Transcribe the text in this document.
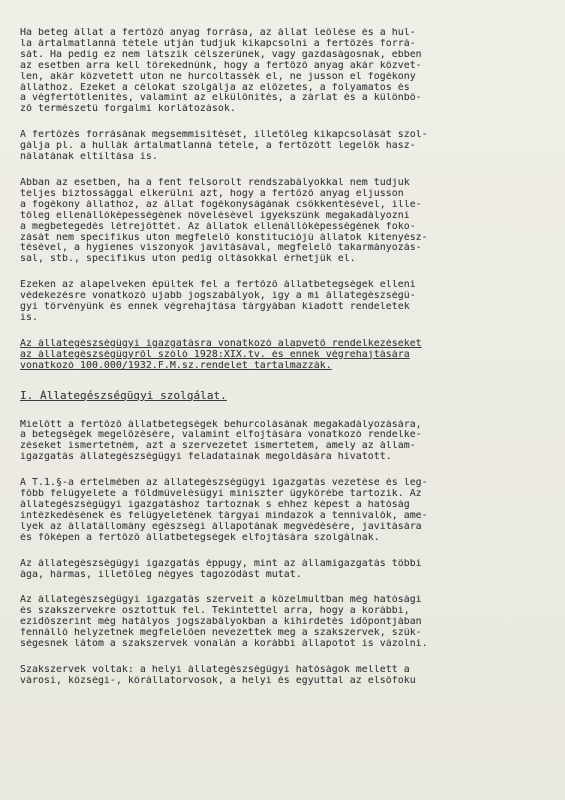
Ha beteg állat a fertőző anyag forrása, az állat leölése és a hul-
la ártalmatlanná tétele utján tudjuk kikapcsolni a fertőzés forrá-
sát. Ha pedig ez nem látszik célszerünek, vagy gazdaságosnak, ebben
az esetben arra kell törekednünk, hogy a fertőző anyag akár közvet-
len, akár közvetett uton ne hurcoltassék el, ne jusson el fogékony
állathoz. Ezeket a célokat szolgálja az előzetes, a folyamatos és
a végfertőtlenités, valamint az elkülönités, a zárlat és a különbö-
ző természetü forgalmi korlátozások.
A fertőzés forrásának megsemmisitését, illetőleg kikapcsolását szol-
gálja pl. a hullák ártalmatlanná tétele, a fertőzött legelők hasz-
nálatának eltiltása is.
Abban az esetben, ha a fent felsorolt rendszabályokkal nem tudjuk
teljes biztossággal elkerülni azt, hogy a fertőző anyag eljusson
a fogékony állathoz, az állat fogékonyságának csökkentésével, ille-
tőleg ellenállóképességének növelésével igyekszünk megakadályozni
a megbetegedés létrejöttét. Az állatok ellenállóképességének foko-
zását nem specifikus uton megfelelő konstituciójú állatok kitenyész-
tésével, a hygienes viszonyok javitásával, megfelelő takarmányozás-
sal, stb., specifikus uton pedig oltásokkal érhetjük el.
Ezeken az alapelveken épültek fel a fertőző állatbetegségek elleni
védekezésre vonatkozó ujabb jogszabályok, igy a mi állategészségü-
gyi törvényünk és ennek végrehajtása tárgyában kiadott rendeletek
is.
Az állategészségügyi igazgatásra vonatkozó alapvető rendelkezéseket
az állategészségügyről szóló 1928:XIX.tv. és ennek végrehajtására
vonatkozó 100.000/1932.F.M.sz.rendelet tartalmazzák.
I. Állategészségügyi szolgálat.
Mielőtt a fertőző állatbetegségek behurcolásának megakadályozására,
a betegségek megelőzésére, valamint elfojtására vonatkozó rendelke-
zéseket ismertetném, azt a szervezetet ismertetem, amely az állam-
igazgatás állategészségügyi feladatainak megoldására hivatott.
A T.1.§-a értelmében az állategészségügyi igazgatás vezetése és leg-
főbb felügyelete a földmüvelésügyi miniszter ügykörébe tartozik. Az
állategészségügyi igazgatáshoz tartoznak s ehhez képest a hatóság
intézkedésének és felügyeletének tárgyai mindazok a tennivalók, ame-
lyek az állatállomány egészségi állapotának megvédésére, javitására
és főképen a fertőző állatbetegségek elfojtására szolgálnak.
Az állategészségügyi igazgatás éppugy, mint az államigazgatás többi
ága, hármas, illetőleg négyes tagozódást mutat.
Az állategészségügyi igazgatás szerveit a közelmultban még hatósági
és szakszervekre osztottuk fel. Tekintettel arra, hogy a korábbi,
ezidőszerint még hatályos jogszabályokban a kihirdetés időpontjában
fennálló helyzetnek megfelelően nevezettek meg a szakszervek, szük-
ségesnek látom a szakszervek vonalán a korábbi állapotot is vázolni.
Szakszervek voltak: a helyi állategészségügyi hatóságok mellett a
városi, községi-, körállatorvosok, a helyi és egyuttal az elsőfoku
